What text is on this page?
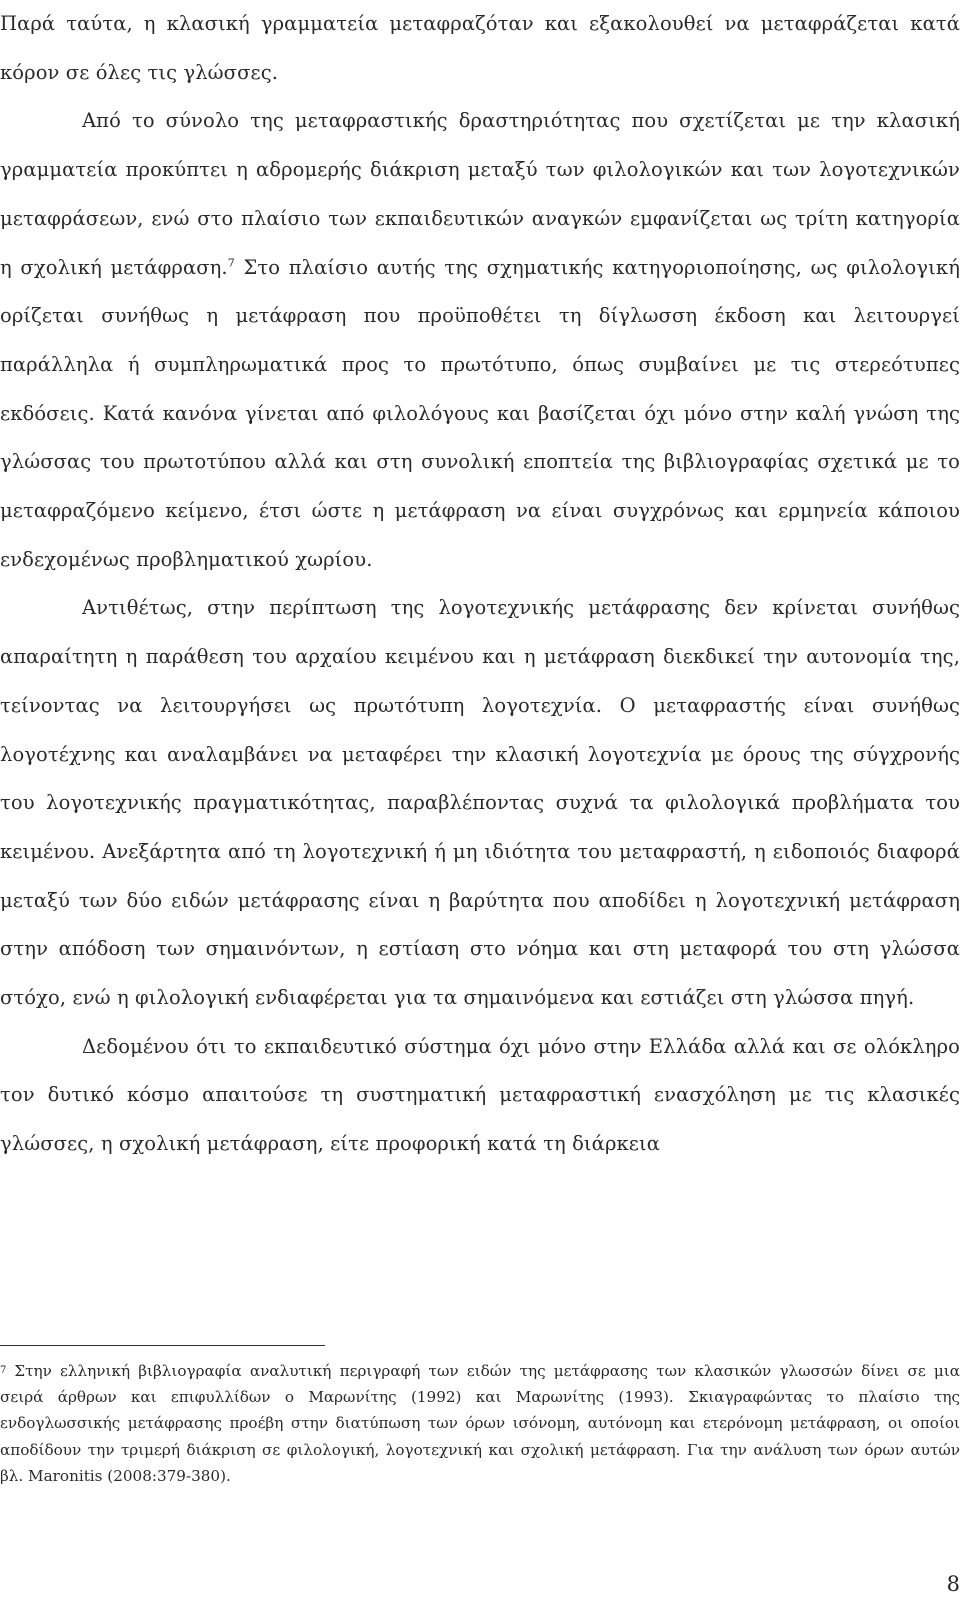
Παρά ταύτα, η κλασική γραμματεία μεταφραζόταν και εξακολουθεί να μεταφράζεται κατά κόρον σε όλες τις γλώσσες.

Από το σύνολο της μεταφραστικής δραστηριότητας που σχετίζεται με την κλασική γραμματεία προκύπτει η αδρομερής διάκριση μεταξύ των φιλολογικών και των λογοτεχνικών μεταφράσεων, ενώ στο πλαίσιο των εκπαιδευτικών αναγκών εμφανίζεται ως τρίτη κατηγορία η σχολική μετάφραση.$^7$ Στο πλαίσιο αυτής της σχηματικής κατηγοριοποίησης, ως φιλολογική ορίζεται συνήθως η μετάφραση που προϋποθέτει τη δίγλωσση έκδοση και λειτουργεί παράλληλα ή συμπληρωματικά προς το πρωτότυπο, όπως συμβαίνει με τις στερεότυπες εκδόσεις. Κατά κανόνα γίνεται από φιλολόγους και βασίζεται όχι μόνο στην καλή γνώση της γλώσσας του πρωτοτύπου αλλά και στη συνολική εποπτεία της βιβλιογραφίας σχετικά με το μεταφραζόμενο κείμενο, έτσι ώστε η μετάφραση να είναι συγχρόνως και ερμηνεία κάποιου ενδεχομένως προβληματικού χωρίου.

Αντιθέτως, στην περίπτωση της λογοτεχνικής μετάφρασης δεν κρίνεται συνήθως απαραίτητη η παράθεση του αρχαίου κειμένου και η μετάφραση διεκδικεί την αυτονομία της, τείνοντας να λειτουργήσει ως πρωτότυπη λογοτεχνία. Ο μεταφραστής είναι συνήθως λογοτέχνης και αναλαμβάνει να μεταφέρει την κλασική λογοτεχνία με όρους της σύγχρονής του λογοτεχνικής πραγματικότητας, παραβλέποντας συχνά τα φιλολογικά προβλήματα του κειμένου. Ανεξάρτητα από τη λογοτεχνική ή μη ιδιότητα του μεταφραστή, η ειδοποιός διαφορά μεταξύ των δύο ειδών μετάφρασης είναι η βαρύτητα που αποδίδει η λογοτεχνική μετάφραση στην απόδοση των σημαινόντων, η εστίαση στο νόημα και στη μεταφορά του στη γλώσσα στόχο, ενώ η φιλολογική ενδιαφέρεται για τα σημαινόμενα και εστιάζει στη γλώσσα πηγή.

Δεδομένου ότι το εκπαιδευτικό σύστημα όχι μόνο στην Ελλάδα αλλά και σε ολόκληρο τον δυτικό κόσμο απαιτούσε τη συστηματική μεταφραστική ενασχόληση με τις κλασικές γλώσσες, η σχολική μετάφραση, είτε προφορική κατά τη διάρκεια

$^7$ Στην ελληνική βιβλιογραφία αναλυτική περιγραφή των ειδών της μετάφρασης των κλασικών γλωσσών δίνει σε μια σειρά άρθρων και επιφυλλίδων ο Μαρωνίτης (1992) και Μαρωνίτης (1993). Σκιαγραφώντας το πλαίσιο της ενδογλωσσικής μετάφρασης προέβη στην διατύπωση των όρων ισόνομη, αυτόνομη και ετερόνομη μετάφραση, οι οποίοι αποδίδουν την τριμερή διάκριση σε φιλολογική, λογοτεχνική και σχολική μετάφραση. Για την ανάλυση των όρων αυτών βλ. Maronitis (2008:379-380).

8
